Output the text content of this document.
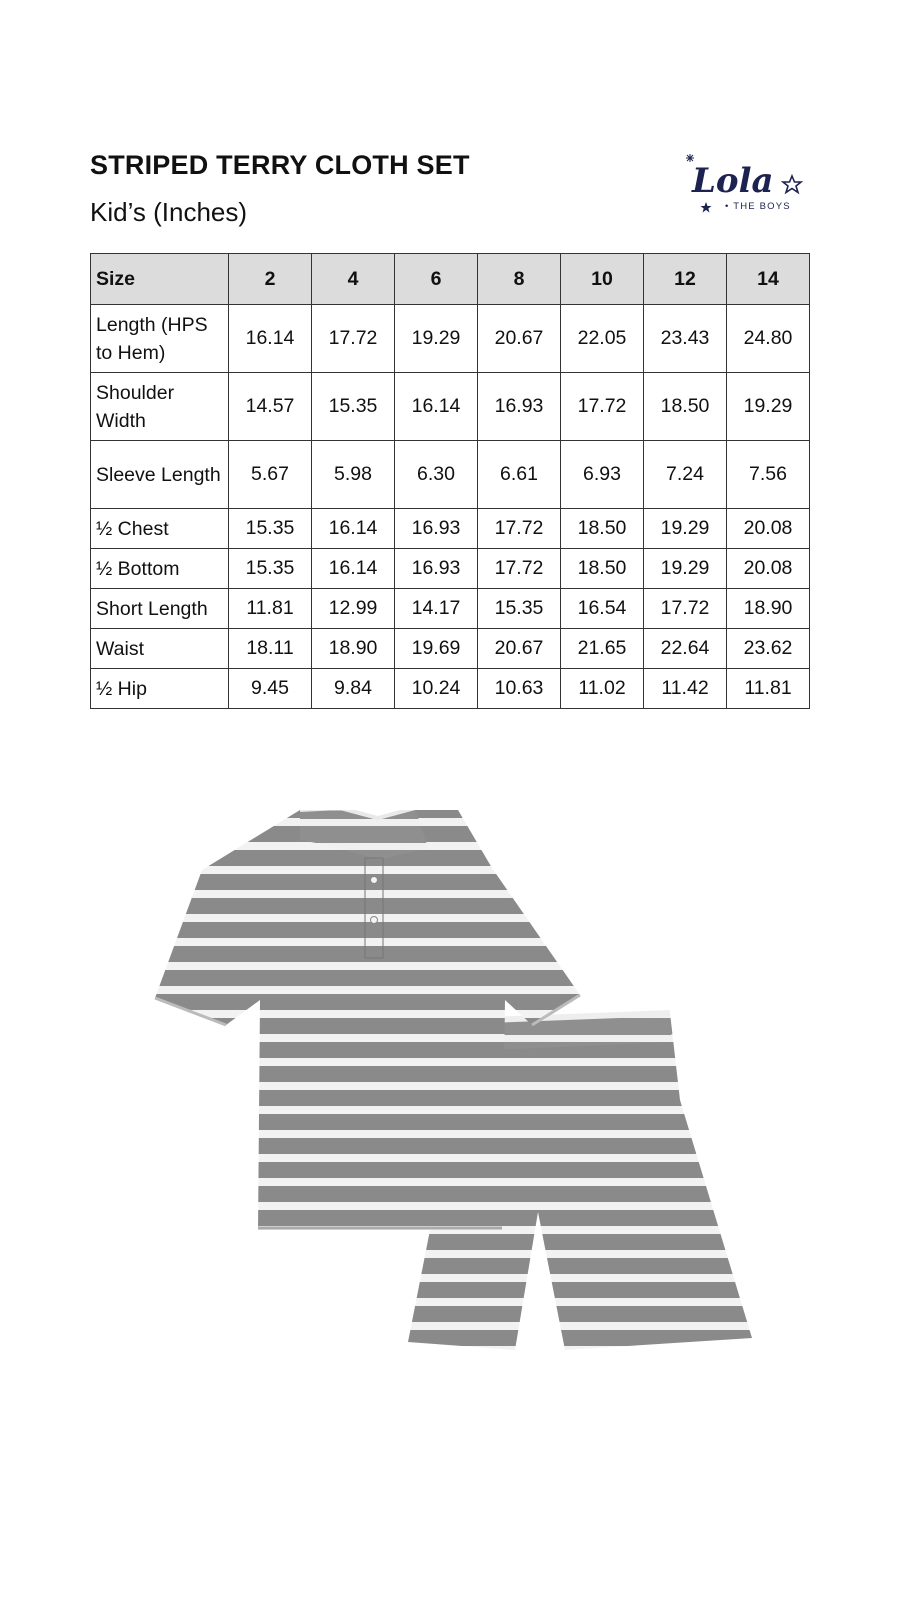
STRIPED TERRY CLOTH SET
Kid’s (Inches)
Lola
• THE BOYS
Size	2	4	6	8	10	12	14
Length (HPS to Hem)	16.14	17.72	19.29	20.67	22.05	23.43	24.80
Shoulder Width	14.57	15.35	16.14	16.93	17.72	18.50	19.29
Sleeve Length	5.67	5.98	6.30	6.61	6.93	7.24	7.56
½ Chest	15.35	16.14	16.93	17.72	18.50	19.29	20.08
½ Bottom	15.35	16.14	16.93	17.72	18.50	19.29	20.08
Short Length	11.81	12.99	14.17	15.35	16.54	17.72	18.90
Waist	18.11	18.90	19.69	20.67	21.65	22.64	23.62
½ Hip	9.45	9.84	10.24	10.63	11.02	11.42	11.81
